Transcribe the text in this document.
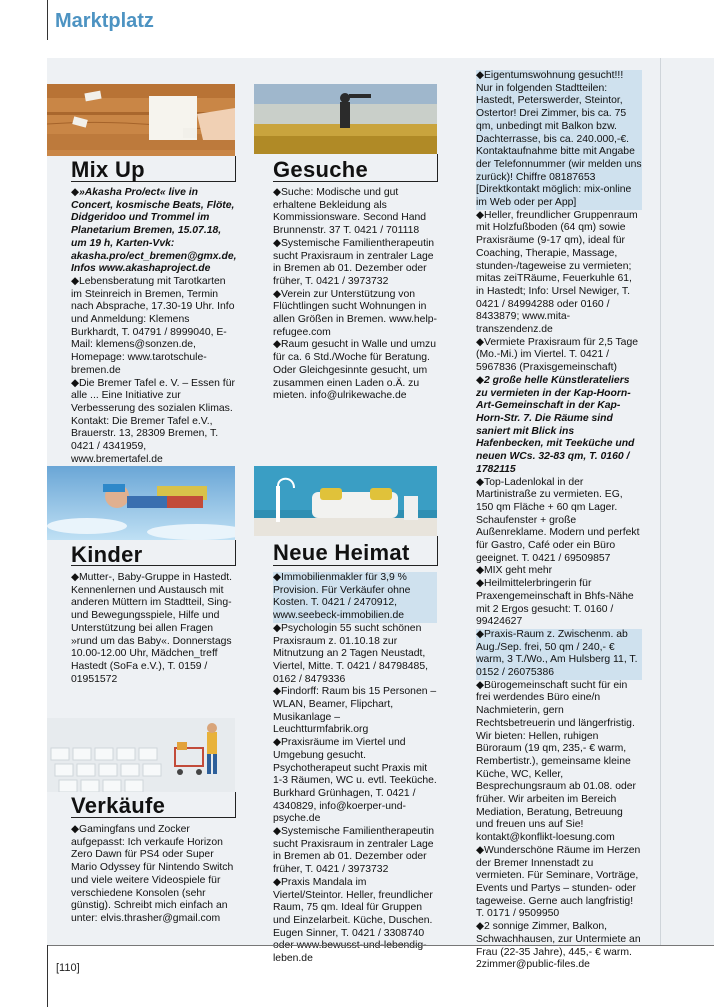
Marktplatz
Mix Up

◆»Akasha Pro/ect« live in Concert, kosmische Beats, Flöte, Didgeridoo und Trommel im Planetarium Bremen, 15.07.18, um 19 h, Karten-Vvk: akasha.pro/ect_bremen@gmx.de, Infos www.akashaproject.de

◆Lebensberatung mit Tarotkarten im Steinreich in Bremen, Termin nach Absprache, 17.30-19 Uhr. Info und Anmeldung: Klemens Burkhardt, T. 04791 / 8999040, E-Mail: klemens@sonzen.de, Homepage: www.tarotschule-bremen.de

◆Die Bremer Tafel e. V. – Essen für alle ... Eine Initiative zur Verbesserung des sozialen Klimas. Kontakt: Die Bremer Tafel e.V., Brauerstr. 13, 28309 Bremen, T. 0421 / 4341959, www.bremertafel.de

Gesuche

◆Suche: Modische und gut erhaltene Bekleidung als Kommissionsware. Second Hand Brunnenstr. 37 T. 0421 / 701118

◆Systemische Familientherapeutin sucht Praxisraum in zentraler Lage in Bremen ab 01. Dezember oder früher, T. 0421 / 3973732

◆Verein zur Unterstützung von Flüchtlingen sucht Wohnungen in allen Größen in Bremen. www.help-refugee.com

◆Raum gesucht in Walle und umzu für ca. 6 Std./Woche für Beratung. Oder Gleichgesinnte gesucht, um zusammen einen Laden o.Ä. zu mieten. info@ulrikewache.de

Kinder

◆Mutter-, Baby-Gruppe in Hastedt. Kennenlernen und Austausch mit anderen Müttern im Stadtteil, Sing- und Bewegungsspiele, Hilfe und Unterstützung bei allen Fragen »rund um das Baby«. Donnerstags 10.00-12.00 Uhr, Mädchen_treff Hastedt (SoFa e.V.), T. 0159 / 01951572

Neue Heimat

◆Immobilienmakler für 3,9 % Provision. Für Verkäufer ohne Kosten. T. 0421 / 2470912, www.seebeck-immobilien.de

◆Psychologin 55 sucht schönen Praxisraum z. 01.10.18 zur Mitnutzung an 2 Tagen Neustadt, Viertel, Mitte. T. 0421 / 84798485, 0162 / 8479336

◆Findorff: Raum bis 15 Personen – WLAN, Beamer, Flipchart, Musikanlage – Leuchtturmfabrik.org

◆Praxisräume im Viertel und Umgebung gesucht. Psychotherapeut sucht Praxis mit 1-3 Räumen, WC u. evtl. Teeküche. Burkhard Grünhagen, T. 0421 / 4340829, info@koerper-und-psyche.de

◆Systemische Familientherapeutin sucht Praxisraum in zentraler Lage in Bremen ab 01. Dezember oder früher, T. 0421 / 3973732

◆Praxis Mandala im Viertel/Steintor. Heller, freundlicher Raum, 75 qm. Ideal für Gruppen und Einzelarbeit. Küche, Duschen. Eugen Sinner, T. 0421 / 3308740 leben.de

Verkäufe

◆Gamingfans und Zocker aufgepasst: Ich verkaufe Horizon Zero Dawn für PS4 oder Super Mario Odyssey für Nintendo Switch und viele weitere Videospiele für verschiedene Konsolen (sehr günstig). Schreibt mich einfach an unter: elvis.thrasher@gmail.com

◆Eigentumswohnung gesucht!!! Nur in folgenden Stadtteilen: Hastedt, Peterswerder, Steintor, Ostertor! Drei Zimmer, bis ca. 75 qm, unbedingt mit Balkon bzw. Dachterrasse, bis ca. 240.000,-€. Kontaktaufnahme bitte mit Angabe der Telefonnummer (wir melden uns zurück)! Chiffre 08187653 [Direktkontakt möglich: mix-online im Web oder per App]

◆Heller, freundlicher Gruppenraum mit Holzfußboden (64 qm) sowie Praxisräume (9-17 qm), ideal für Coaching, Therapie, Massage, stunden-/tageweise zu vermieten; mitas zeiTRäume, Feuerkuhle 61, in Hastedt; Info: Ursel Newiger, T. 0421 / 84994288 oder 0160 / 8433879; www.mita-transzendenz.de

◆Vermiete Praxisraum für 2,5 Tage (Mo.-Mi.) im Viertel. T. 0421 / 5967836 (Praxisgemeinschaft)

◆2 große helle Künstlerateliers zu vermieten in der Kap-Hoorn-Art-Gemeinschaft in der Kap-Horn-Str. 7. Die Räume sind saniert mit Blick ins Hafenbecken, mit Teeküche und neuen WCs. 32-83 qm, T. 0160 / 1782115

◆Top-Ladenlokal in der Martinistraße zu vermieten. EG, 150 qm Fläche + 60 qm Lager. Schaufenster + große Außenreklame. Modern und perfekt für Gastro, Café oder ein Büro geeignet. T. 0421 / 69509857

◆MIX geht mehr

◆Heilmittelerbringerin für Praxengemeinschaft in Bhfs-Nähe mit 2 Ergos gesucht: T. 0160 / 99424627

◆Praxis-Raum z. Zwischenm. ab Aug./Sep. frei, 50 qm / 240,- € warm, 3 T./Wo., Am Hulsberg 11, T. 0152 / 26075386

◆Bürogemeinschaft sucht für ein frei werdendes Büro eine/n Nachmieterin, gern Rechtsbetreuerin und längerfristig. Wir bieten: Hellen, ruhigen Büroraum (19 qm, 235,- € warm, Rembertistr.), gemeinsame kleine Küche, WC, Keller, Besprechungsraum ab 01.08. oder früher. Wir arbeiten im Bereich Mediation, Beratung, Betreuung und freuen uns auf Sie! kontakt@konflikt-loesung.com

◆Wunderschöne Räume im Herzen der Bremer Innenstadt zu vermieten. Für Seminare, Vorträge, Events und Partys – stunden- oder tageweise. Gerne auch langfristig! T. 0171 / 9509950

◆2 sonnige Zimmer, Balkon, Schwachhausen, zur Untermiete an Frau (22-35 Jahre), 445,- € warm. 2zimmer@public-files.de

[110]
